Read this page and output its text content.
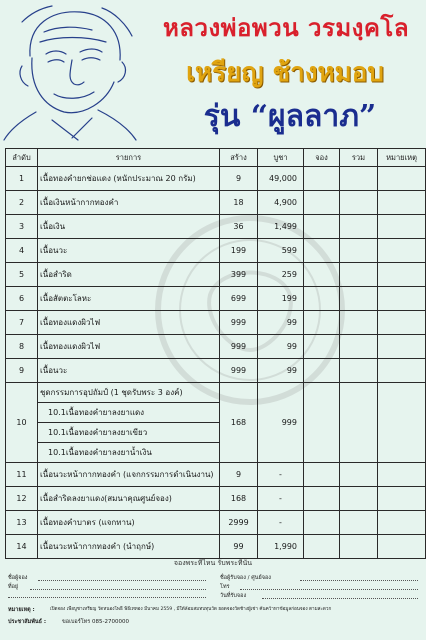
หลวงพ่อพวน วรมงฺคโล
เหรียญ ช้างหมอบ
รุ่น “ผูลลาภ”
ลำดับ	รายการ	สร้าง	บูชา	จอง	รวม	หมายเหตุ
1	เนื้อทองคำยกช่อแดง (หนักประมาณ 20 กรัม)	9	49,000			
2	เนื้อเงินหน้ากากทองคำ	18	4,900			
3	เนื้อเงิน	36	1,499			
4	เนื้อนวะ	199	599			
5	เนื้อสำริด	399	259			
6	เนื้อสัตตะโลหะ	699	199			
7	เนื้อทองแดงผิวไฟ	999	99			
8	เนื้อทองแดงผิวไฟ	999	99			
9	เนื้อนวะ	999	99			
10	ชุดกรรมการอุปถัมป์ (1 ชุดรับพระ 3 องค์)	168	999			
	10.1เนื้อทองคำยาลงยาแดง					
	10.1เนื้อทองคำยาลงยาเขียว					
	10.1เนื้อทองคำยาลงยาน้ำเงิน					
11	เนื้อนวะหน้ากากทองคำ (แจกกรรมการดำเนินงาน)	9	-			
12	เนื้อสำริดลงยาแดง(สมนาคุณศูนย์จอง)	168	-			
13	เนื้อทองคำบาตร (แจกทาน)	2999	-			
14	เนื้อนวะหน้ากากทองคำ (นำฤกษ์)	99	1,990			
จองพระที่ไหน รับพระที่นั่น
ชื่อผู้จอง
ที่อยู่
ชื่อผู้รับจอง / ศูนย์จอง
โทร
วันที่รับจอง
หมายเหตุ :	เปิดจอง เพื่อบูชาเหรียญ วัดหนองโพธิ์ พิธีเททอง มีนาคม 2559 , มีใต้ล้อมสมทบทุนวัด ยอดจองวัดช้างผู้เช่า ค้นคว้าหาข้อมูลก่อนจอง ตามสะดวก
ประชาสัมพันธ์ :	ขอเบอร์โทร 085-2700000
